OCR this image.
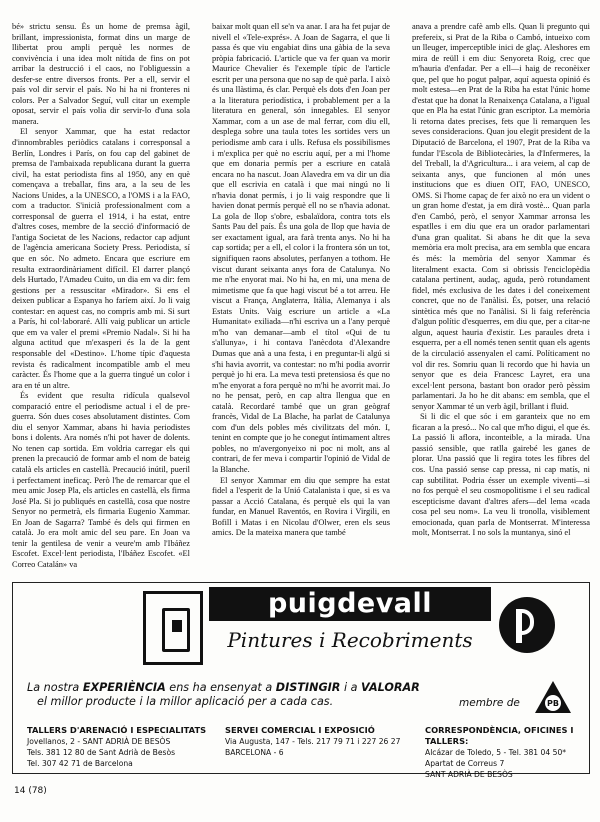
bé» strictu sensu. És un home de premsa àgil, brillant, impressionista, format dins un marge de llibertat prou ampli perquè les normes de convivència i una idea molt nítida de fins on pot arribar la destrucció i el caos, no l'obliguessin a desfer-se entre diversos fronts. Per a ell, servir el país vol dir servir el país. No hi ha ni fronteres ni colors. Per a Salvador Seguí, vull citar un exemple oposat, servir el país volia dir servir-lo d'una sola manera.

El senyor Xammar, que ha estat redactor d'innombrables periòdics catalans i corresponsal a Berlín, Londres i París, on fou cap del gabinet de premsa de l'ambaixada republicana durant la guerra civil, ha estat periodista fins al 1950, any en què començava a treballar, fins ara, a la seu de les Nacions Unides, a la UNESCO, a l'OMS i a la FAO, com a traductor. S'inicià professionalment com a corresponsal de guerra el 1914, i ha estat, entre d'altres coses, membre de la secció d'informació de l'antiga Societat de les Nacions, redactor cap adjunt de l'agència americana Society Press. Periodista, sí que en sóc. No admeto. Encara que escriure em resulta extraordinàriament difícil. El darrer plançó dels Hurtado, l'Amadeu Cuito, un dia em va dir: fem gestions per a ressuscitar «Mirador». Si ens el deixen publicar a Espanya ho faríem així. Jo li vaig contestar: en aquest cas, no compris amb mi. Si surt a París, hi col·laboraré. Allí vaig publicar un article que em va valer el premi «Premio Nadal». Si hi ha alguna actitud que m'exasperi és la de la gent responsable del «Destino». L'home típic d'aquesta revista és radicalment incompatible amb el meu caràcter. És l'home que a la guerra tingué un color i ara en té un altre.

És evident que resulta ridícula qualsevol comparació entre el periodisme actual i el de pre-guerra. Són dues coses absolutament distintes. Com diu el senyor Xammar, abans hi havia periodistes bons i dolents. Ara només n'hi pot haver de dolents. No tenen cap sortida. Em voldria carregar els qui prenen la precaució de formar amb el nom de bateig català els articles en castellà. Precaució inútil, pueril i perfectament ineficaç. Però l'he de remarcar que el meu amic Josep Pla, els articles en castellà, els firma José Pla. Si jo publiqués en castellà, cosa que nostre Senyor no permetrà, els firmaria Eugenio Xammar. En Joan de Sagarra? També és dels qui firmen en català. Jo era molt amic del seu pare. En Joan va tenir la gentilesa de venir a veure'm amb l'Ibáñez Escofet. Excel·lent periodista, l'Ibáñez Escofet. «El Correo Catalán» va

baixar molt quan ell se'n va anar. I ara ha fet pujar de nivell el «Tele-exprés». A Joan de Sagarra, el que li passa és que viu engabiat dins una gàbia de la seva pròpia fabricació. L'article que va fer quan va morir Maurice Chevalier és l'exemple típic de l'article escrit per una persona que no sap de què parla. I això és una llàstima, és clar. Perquè els dots d'en Joan per a la literatura periodística, i probablement per a la literatura en general, són innegables. El senyor Xammar, com a un ase de mal ferrar, com diu ell, desplega sobre una taula totes les sortides vers un periodisme amb cara i ulls. Refusa els possibilismes i m'explica per què no escriu aquí, per a mi l'home que em donaria permís per a escriure en català encara no ha nascut. Joan Alavedra em va dir un dia que ell escrivia en català i que mai ningú no li n'havia donat permís, i jo li vaig respondre que li havien donat permís perquè ell no se n'havia adonat. La gola de llop s'obre, esbalaïdora, contra tots els Sants Pau del país. És una gola de llop que havia de ser exactament igual, ara farà trenta anys. No hi ha cap sortida; per a ell, el color i la frontera són un tot, signifiquen raons absolutes, perfanyen a tothom. He viscut durant seixanta anys fora de Catalunya. No me n'he enyorat mai. No hi ha, en mi, una mena de mimetisme que fa que hagi viscut bé a tot arreu. He viscut a França, Anglaterra, Itàlia, Alemanya i als Estats Units. Vaig escriure un article a «La Humanitat» exiliada—n'hi escriva un a l'any perquè m'ho van demanar—amb el títol «Qui de tu s'allunya», i hi contava l'anècdota d'Alexandre Dumas que anà a una festa, i en preguntar-li algú si s'hi havia avorrit, va contestar: no m'hi podia avorrir perquè jo hi era. La meva testi pretensiosa és que no m'he enyorat a fora perquè no m'hi he avorrit mai. Jo no he pensat, però, en cap altra llengua que en català. Recordaré també que un gran geògraf francès, Vidal de La Blache, ha parlat de Catalunya com d'un dels pobles més civilitzats del món. I, tenint en compte que jo he conegut íntimament altres pobles, no m'avergonyeixo ni poc ni molt, ans al contrari, de fer meva i compartir l'opinió de Vidal de la Blanche.

El senyor Xammar em diu que sempre ha estat fidel a l'esperit de la Unió Catalanista i que, si es va passar a Acció Catalana, és perquè els qui la van fundar, en Manuel Raventós, en Rovira i Virgili, en Bofill i Matas i en Nicolau d'Olwer, eren els seus amics. De la mateixa manera que també

anava a prendre cafè amb ells. Quan li pregunto qui prefereix, si Prat de la Riba o Cambó, intueixo com un lleuger, imperceptible inici de glaç. Aleshores em mira de reüll i em diu: Senyoreta Roig, crec que m'hauria d'enfadar. Per a ell—i haig de reconèixer que, pel que ho pogut palpar, aquí aquesta opinió és molt estesa—en Prat de la Riba ha estat l'únic home d'estat que ha donat la Renaixença Catalana, a l'igual que en Pla ha estat l'únic gran escriptor. La memòria li retorna dates precises, fets que li remarquen les seves consideracions. Quan jou elegit president de la Diputació de Barcelona, el 1907, Prat de la Riba va fundar l'Escola de Bibliotecàries, la d'Infermeres, la del Treball, la d'Agricultura... i ara veiem, al cap de seixanta anys, que funcionen al món unes institucions que es diuen OIT, FAO, UNESCO, OMS. Si l'home capaç de fer això no era un vident o un gran home d'estat, ja em dirà vostè... Quan parla d'en Cambó, però, el senyor Xammar arronsa les espatlles i em diu que era un orador parlamentari d'una gran qualitat. Si abans he dit que la seva memòria era molt precisa, ara em sembla que encara és més: la memòria del senyor Xammar és literalment exacta. Com si obrissis l'enciclopèdia catalana pertinent, audaç, aguda, però rotundament fidel, més exclusiva de les dates i del coneixement concret, que no de l'anàlisi. És, potser, una relació sintètica més que no l'anàlisi. Si li faig referència d'algun polític d'esquerres, em diu que, per a citar-ne algun, aquest hauria d'existir. Les paraules dreta i esquerra, per a ell només tenen sentit quan els agents de la circulació assenyalen el camí. Políticament no vol dir res. Somriu quan li recordo que hi havia un senyor que es deia Francesc Layret, era una excel·lent persona, bastant bon orador però pèssim parlamentari. Ja ho he dit abans: em sembla, que el senyor Xammar té un verb àgil, brillant i fluid.

Si li dic el que sóc i em garanteix que no em ficaran a la presó... No cal que m'ho digui, el que és. La passió li aflora, inconteible, a la mirada. Una passió sensible, que ratlla gairebé les ganes de plorar. Una passió que li regira totes les fibres del cos. Una passió sense cap pressa, ni cap matís, ni cap subtilitat. Podria ésser un exemple viventi—si no fos perquè el seu cosmopolitisme i el seu radical escepticisme davant d'altres afers—del lema «cada cosa pel seu nom». La veu li tronolla, visiblement emocionada, quan parla de Montserrat. M'interessa molt, Montserrat. I no sols la muntanya, sinó el

puigdevall
Pintures i Recobriments
La nostra EXPERIÈNCIA ens ha ensenyat a DISTINGIR i a VALORAR
el millor producte i la millor aplicació per a cada cas.	membre de	PB
TALLERS D'ARENACIÓ I ESPECIALITATS
Jovellanos, 2 - SANT ADRIÀ DE BESÒS
Tels. 381 12 80 de Sant Adrià de Besòs
Tel. 307 42 71 de Barcelona
SERVEI COMERCIAL I EXPOSICIÓ
Via Augusta, 147 - Tels. 217 79 71 i 227 26 27
BARCELONA - 6
CORRESPONDÈNCIA, OFICINES I TALLERS:
Alcázar de Toledo, 5 - Tel. 381 04 50*
Apartat de Correus 7
SANT ADRIÀ DE BESÒS
14 (78)
